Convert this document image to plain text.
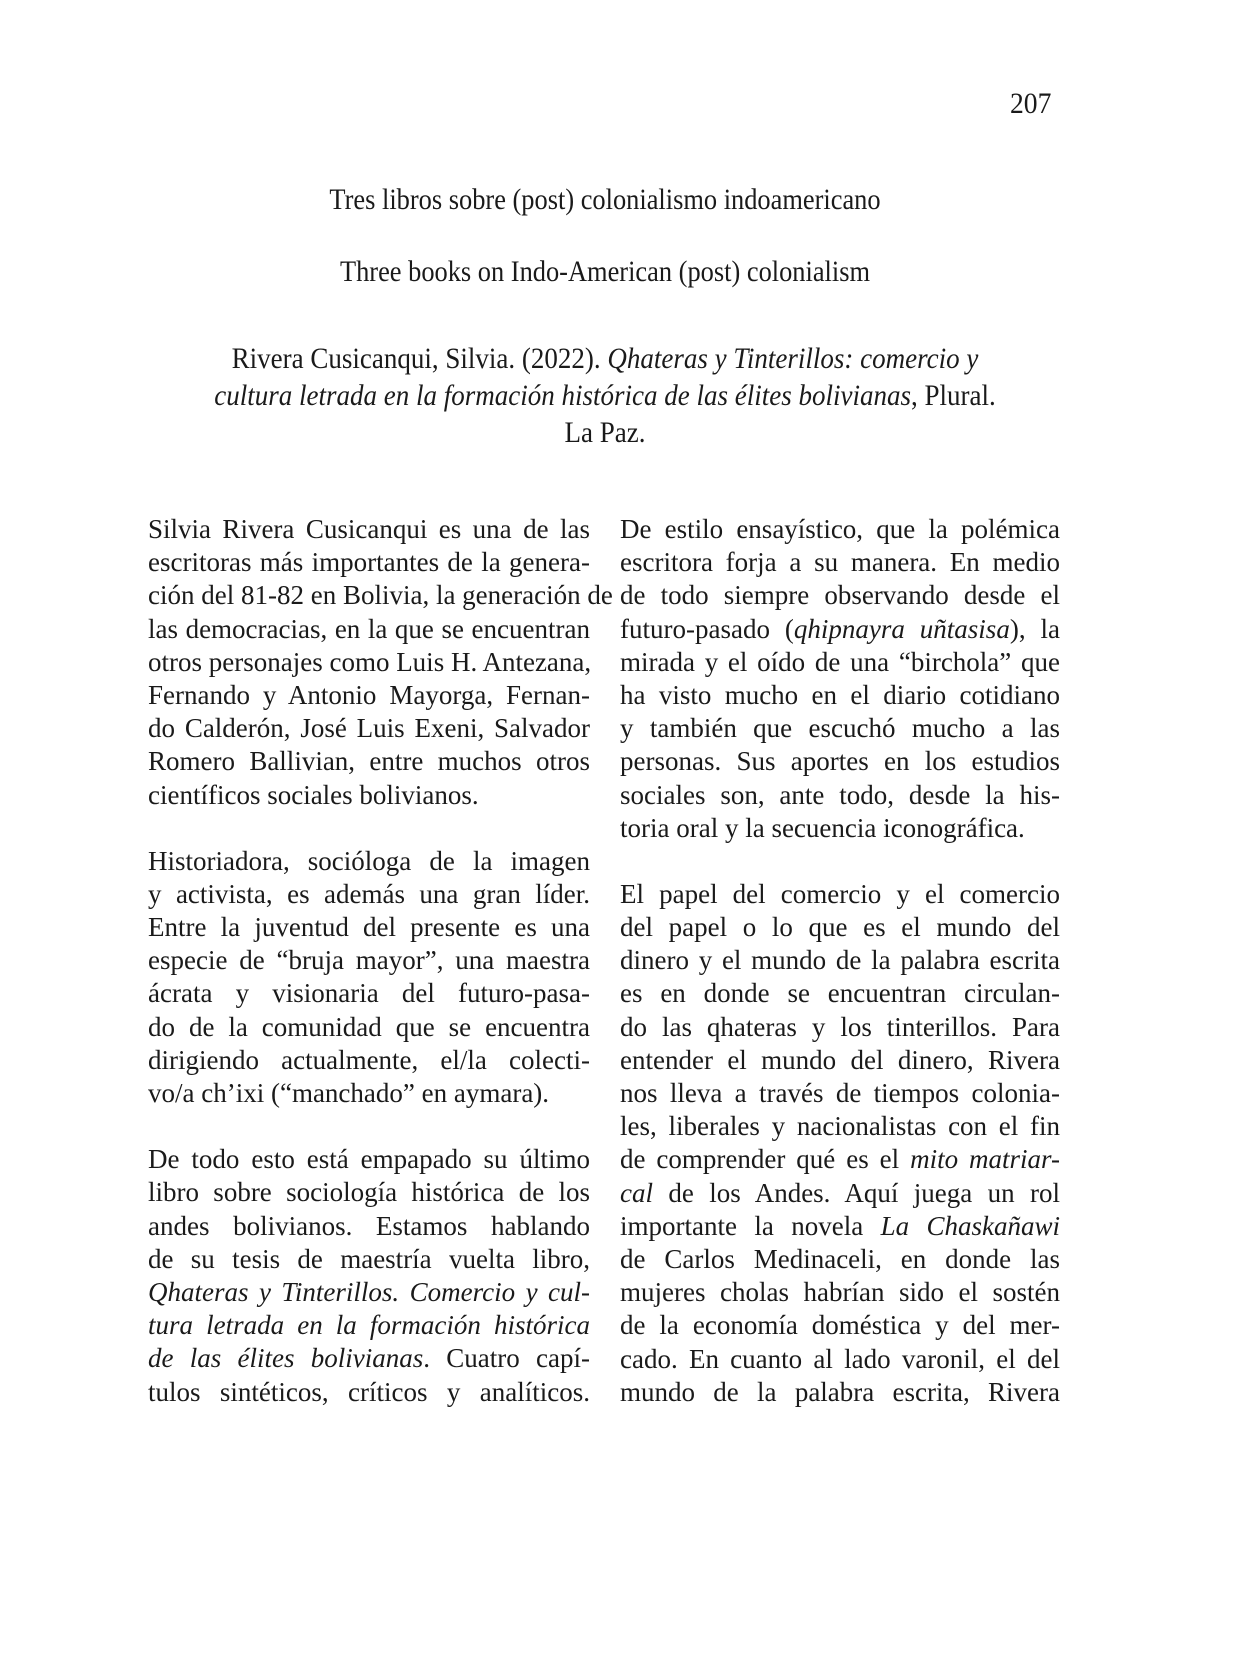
207
Tres libros sobre (post) colonialismo indoamericano
Three books on Indo-American (post) colonialism
Rivera Cusicanqui, Silvia. (2022). Qhateras y Tinterillos: comercio y
cultura letrada en la formación histórica de las élites bolivianas, Plural.
La Paz.
Silvia Rivera Cusicanqui es una de las
escritoras más importantes de la genera-
ción del 81-82 en Bolivia, la generación de
las democracias, en la que se encuentran
otros personajes como Luis H. Antezana,
Fernando y Antonio Mayorga, Fernan-
do Calderón, José Luis Exeni, Salvador
Romero Ballivian, entre muchos otros
científicos sociales bolivianos.
Historiadora, socióloga de la imagen
y activista, es además una gran líder.
Entre la juventud del presente es una
especie de “bruja mayor”, una maestra
ácrata y visionaria del futuro-pasa-
do de la comunidad que se encuentra
dirigiendo actualmente, el/la colecti-
vo/a ch’ixi (“manchado” en aymara).
De todo esto está empapado su último
libro sobre sociología histórica de los
andes bolivianos. Estamos hablando
de su tesis de maestría vuelta libro,
Qhateras y Tinterillos. Comercio y cul-
tura letrada en la formación histórica
de las élites bolivianas. Cuatro capí-
tulos sintéticos, críticos y analíticos.
De estilo ensayístico, que la polémica
escritora forja a su manera. En medio
de todo siempre observando desde el
futuro-pasado (qhipnayra uñtasisa), la
mirada y el oído de una “birchola” que
ha visto mucho en el diario cotidiano
y también que escuchó mucho a las
personas. Sus aportes en los estudios
sociales son, ante todo, desde la his-
toria oral y la secuencia iconográfica.
El papel del comercio y el comercio
del papel o lo que es el mundo del
dinero y el mundo de la palabra escrita
es en donde se encuentran circulan-
do las qhateras y los tinterillos. Para
entender el mundo del dinero, Rivera
nos lleva a través de tiempos colonia-
les, liberales y nacionalistas con el fin
de comprender qué es el mito matriar-
cal de los Andes. Aquí juega un rol
importante la novela La Chaskañawi
de Carlos Medinaceli, en donde las
mujeres cholas habrían sido el sostén
de la economía doméstica y del mer-
cado. En cuanto al lado varonil, el del
mundo de la palabra escrita, Rivera
